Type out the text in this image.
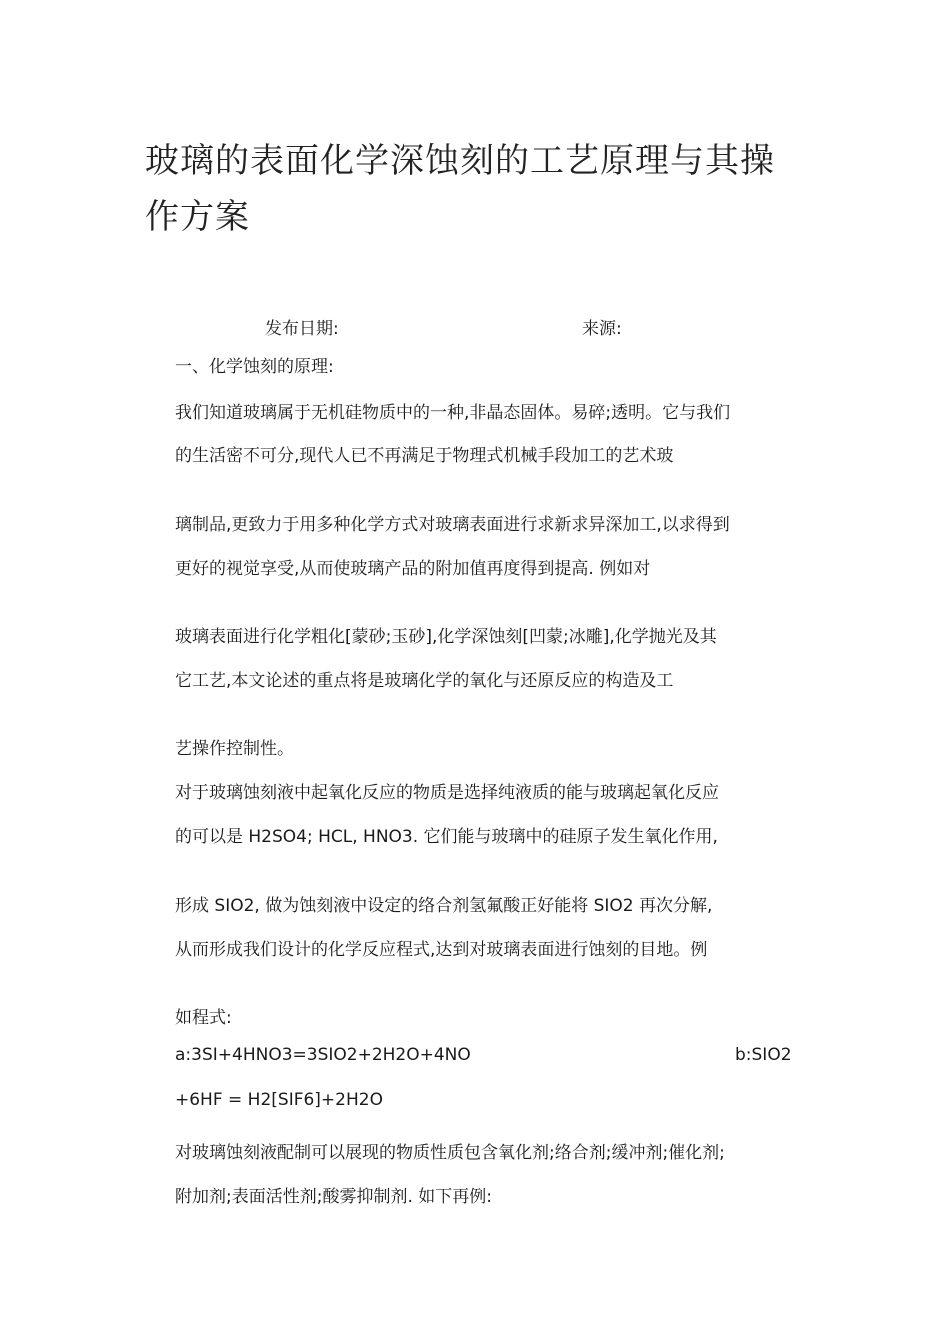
玻璃的表面化学深蚀刻的工艺原理与其操
作方案
发布日期:	来源:
一、化学蚀刻的原理:
我们知道玻璃属于无机硅物质中的一种,非晶态固体。易碎;透明。它与我们
的生活密不可分,现代人已不再满足于物理式机械手段加工的艺术玻
璃制品,更致力于用多种化学方式对玻璃表面进行求新求异深加工,以求得到
更好的视觉享受,从而使玻璃产品的附加值再度得到提高. 例如对
玻璃表面进行化学粗化[蒙砂;玉砂],化学深蚀刻[凹蒙;冰雕],化学抛光及其
它工艺,本文论述的重点将是玻璃化学的氧化与还原反应的构造及工
艺操作控制性。
对于玻璃蚀刻液中起氧化反应的物质是选择纯液质的能与玻璃起氧化反应
的可以是 H2SO4; HCL, HNO3. 它们能与玻璃中的硅原子发生氧化作用,
形成 SIO2, 做为蚀刻液中设定的络合剂氢氟酸正好能将 SIO2 再次分解,
从而形成我们设计的化学反应程式,达到对玻璃表面进行蚀刻的目地。例
如程式:
a:3SI+4HNO3=3SIO2+2H2O+4NO	b:SIO2
+6HF = H2[SIF6]+2H2O
对玻璃蚀刻液配制可以展现的物质性质包含氧化剂;络合剂;缓冲剂;催化剂;
附加剂;表面活性剂;酸雾抑制剂. 如下再例:
